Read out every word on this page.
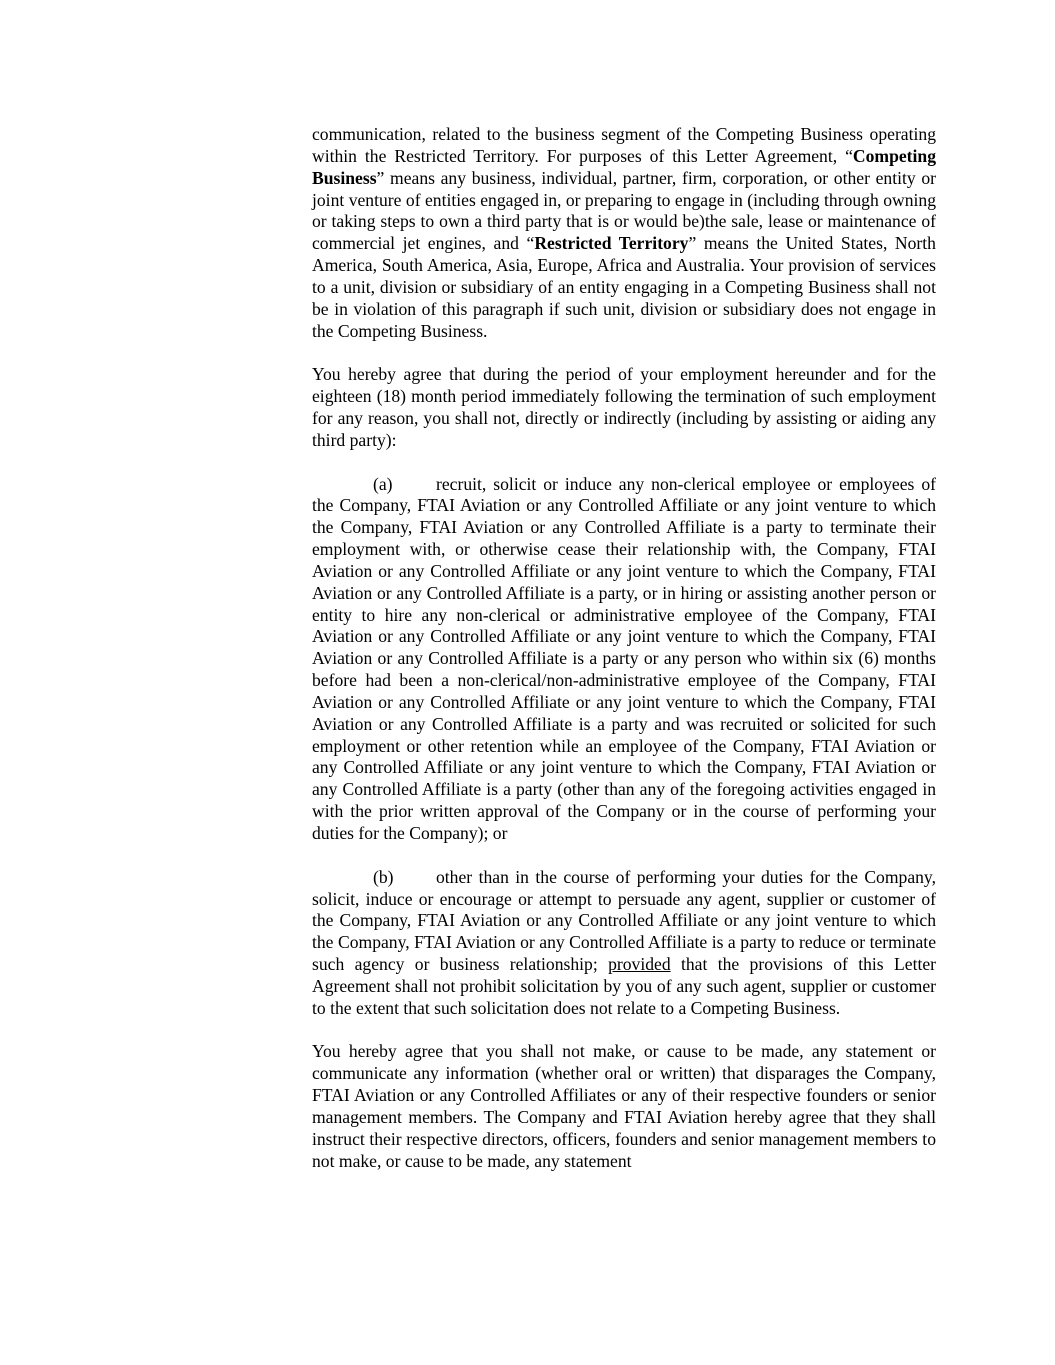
communication, related to the business segment of the Competing Business operating within the Restricted Territory. For purposes of this Letter Agreement, “Competing Business” means any business, individual, partner, firm, corporation, or other entity or joint venture of entities engaged in, or preparing to engage in (including through owning or taking steps to own a third party that is or would be)the sale, lease or maintenance of commercial jet engines, and “Restricted Territory” means the United States, North America, South America, Asia, Europe, Africa and Australia. Your provision of services to a unit, division or subsidiary of an entity engaging in a Competing Business shall not be in violation of this paragraph if such unit, division or subsidiary does not engage in the Competing Business.

You hereby agree that during the period of your employment hereunder and for the eighteen (18) month period immediately following the termination of such employment for any reason, you shall not, directly or indirectly (including by assisting or aiding any third party):

(a) recruit, solicit or induce any non-clerical employee or employees of the Company, FTAI Aviation or any Controlled Affiliate or any joint venture to which the Company, FTAI Aviation or any Controlled Affiliate is a party to terminate their employment with, or otherwise cease their relationship with, the Company, FTAI Aviation or any Controlled Affiliate or any joint venture to which the Company, FTAI Aviation or any Controlled Affiliate is a party, or in hiring or assisting another person or entity to hire any non-clerical or administrative employee of the Company, FTAI Aviation or any Controlled Affiliate or any joint venture to which the Company, FTAI Aviation or any Controlled Affiliate is a party or any person who within six (6) months before had been a non-clerical/non-administrative employee of the Company, FTAI Aviation or any Controlled Affiliate or any joint venture to which the Company, FTAI Aviation or any Controlled Affiliate is a party and was recruited or solicited for such employment or other retention while an employee of the Company, FTAI Aviation or any Controlled Affiliate or any joint venture to which the Company, FTAI Aviation or any Controlled Affiliate is a party (other than any of the foregoing activities engaged in with the prior written approval of the Company or in the course of performing your duties for the Company); or

(b) other than in the course of performing your duties for the Company, solicit, induce or encourage or attempt to persuade any agent, supplier or customer of the Company, FTAI Aviation or any Controlled Affiliate or any joint venture to which the Company, FTAI Aviation or any Controlled Affiliate is a party to reduce or terminate such agency or business relationship; provided that the provisions of this Letter Agreement shall not prohibit solicitation by you of any such agent, supplier or customer to the extent that such solicitation does not relate to a Competing Business.

You hereby agree that you shall not make, or cause to be made, any statement or communicate any information (whether oral or written) that disparages the Company, FTAI Aviation or any Controlled Affiliates or any of their respective founders or senior management members. The Company and FTAI Aviation hereby agree that they shall instruct their respective directors, officers, founders and senior management members to not make, or cause to be made, any statement
